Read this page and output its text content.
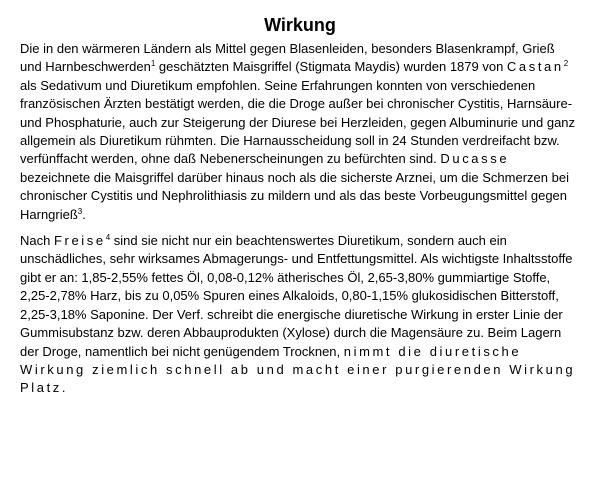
Wirkung

Die in den wärmeren Ländern als Mittel gegen Blasenleiden, besonders Blasenkrampf, Grieß und Harnbeschwerden$^1$ geschätzten Maisgriffel (Stigmata Maydis) wurden 1879 von Castan$^2$ als Sedativum und Diuretikum empfohlen. Seine Erfahrungen konnten von verschiedenen französischen Ärzten bestätigt werden, die die Droge außer bei chronischer Cystitis, Harnsäure- und Phosphaturie, auch zur Steigerung der Diurese bei Herzleiden, gegen Albuminurie und ganz allgemein als Diuretikum rühmten. Die Harnausscheidung soll in 24 Stunden verdreifacht bzw. verfünffacht werden, ohne daß Nebenerscheinungen zu befürchten sind. Ducasse bezeichnete die Maisgriffel darüber hinaus noch als die sicherste Arznei, um die Schmerzen bei chronischer Cystitis und Nephrolithiasis zu mildern und als das beste Vorbeugungsmittel gegen Harngrieß$^3$.

Nach Freise$^4$ sind sie nicht nur ein beachtenswertes Diuretikum, sondern auch ein unschädliches, sehr wirksames Abmagerungs- und Entfettungsmittel. Als wichtigste Inhaltsstoffe gibt er an: 1,85-2,55% fettes Öl, 0,08-0,12% ätherisches Öl, 2,65-3,80% gummiartige Stoffe, 2,25-2,78% Harz, bis zu 0,05% Spuren eines Alkaloids, 0,80-1,15% glukosidischen Bitterstoff, 2,25-3,18% Saponine. Der Verf. schreibt die energische diuretische Wirkung in erster Linie der Gummisubstanz bzw. deren Abbauprodukten (Xylose) durch die Magensäure zu. Beim Lagern der Droge, namentlich bei nicht genügendem Trocknen, nimmt die diuretische Wirkung ziemlich schnell ab und macht einer purgierenden Wirkung Platz.
